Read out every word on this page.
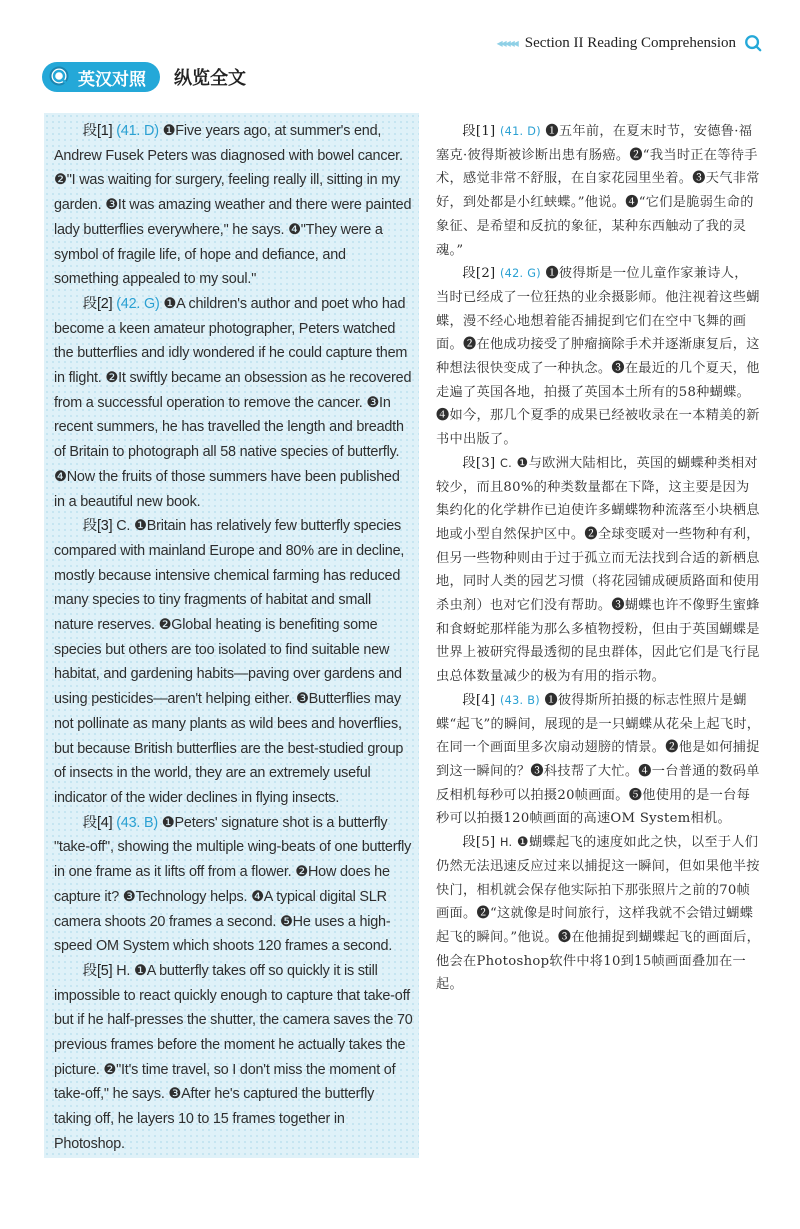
◂◂◂◂◂ Section II Reading Comprehension
英汉对照 纵览全文

段[1] (41. D) ❶Five years ago, at summer's end, Andrew Fusek Peters was diagnosed with bowel cancer. ❷"I was waiting for surgery, feeling really ill, sitting in my garden. ❸It was amazing weather and there were painted lady butterflies everywhere," he says. ❹"They were a symbol of fragile life, of hope and defiance, and something appealed to my soul."

段[2] (42. G) ❶A children's author and poet who had become a keen amateur photographer, Peters watched the butterflies and idly wondered if he could capture them in flight. ❷It swiftly became an obsession as he recovered from a successful operation to remove the cancer. ❸In recent summers, he has travelled the length and breadth of Britain to photograph all 58 native species of butterfly. ❹Now the fruits of those summers have been published in a beautiful new book.

段[3] C. ❶Britain has relatively few butterfly species compared with mainland Europe and 80% are in decline, mostly because intensive chemical farming has reduced many species to tiny fragments of habitat and small nature reserves. ❷Global heating is benefiting some species but others are too isolated to find suitable new habitat, and gardening habits—paving over gardens and using pesticides—aren't helping either. ❸Butterflies may not pollinate as many plants as wild bees and hoverflies, but because British butterflies are the best-studied group of insects in the world, they are an extremely useful indicator of the wider declines in flying insects.

段[4] (43. B) ❶Peters' signature shot is a butterfly "take-off", showing the multiple wing-beats of one butterfly in one frame as it lifts off from a flower. ❷How does he capture it? ❸Technology helps. ❹A typical digital SLR camera shoots 20 frames a second. ❺He uses a high-speed OM System which shoots 120 frames a second.

段[5] H. ❶A butterfly takes off so quickly it is still impossible to react quickly enough to capture that take-off but if he half-presses the shutter, the camera saves the 70 previous frames before the moment he actually takes the picture. ❷"It's time travel, so I don't miss the moment of take-off," he says. ❸After he's captured the butterfly taking off, he layers 10 to 15 frames together in Photoshop.

段[1] (41. D) ❶五年前，在夏末时节，安德鲁·福塞克·彼得斯被诊断出患有肠癌。❷“我当时正在等待手术，感觉非常不舒服，在自家花园里坐着。❸天气非常好，到处都是小红蛱蝶。”他说。❹“它们是脆弱生命的象征、是希望和反抗的象征，某种东西触动了我的灵魂。”

段[2] (42. G) ❶彼得斯是一位儿童作家兼诗人，当时已经成了一位狂热的业余摄影师。他注视着这些蝴蝶，漫不经心地想着能否捕捉到它们在空中飞舞的画面。❷在他成功接受了肿瘤摘除手术并逐渐康复后，这种想法很快变成了一种执念。❸在最近的几个夏天，他走遍了英国各地，拍摄了英国本土所有的58种蝴蝶。❹如今，那几个夏季的成果已经被收录在一本精美的新书中出版了。

段[3] C. ❶与欧洲大陆相比，英国的蝴蝶种类相对较少，而且80%的种类数量都在下降，这主要是因为集约化的化学耕作已迫使许多蝴蝶物种流落至小块栖息地或小型自然保护区中。❷全球变暖对一些物种有利，但另一些物种则由于过于孤立而无法找到合适的新栖息地，同时人类的园艺习惯（将花园铺成硬质路面和使用杀虫剂）也对它们没有帮助。❸蝴蝶也许不像野生蜜蜂和食蚜蛇那样能为那么多植物授粉，但由于英国蝴蝶是世界上被研究得最透彻的昆虫群体，因此它们是飞行昆虫总体数量减少的极为有用的指示物。

段[4] (43. B) ❶彼得斯所拍摄的标志性照片是蝴蝶“起飞”的瞬间，展现的是一只蝴蝶从花朵上起飞时，在同一个画面里多次扇动翅膀的情景。❷他是如何捕捉到这一瞬间的？❸科技帮了大忙。❹一台普通的数码单反相机每秒可以拍摄20帧画面。❺他使用的是一台每秒可以拍摄120帧画面的高速OM System相机。

段[5] H. ❶蝴蝶起飞的速度如此之快，以至于人们仍然无法迅速反应过来以捕捉这一瞬间，但如果他半按快门，相机就会保存他实际拍下那张照片之前的70帧画面。❷“这就像是时间旅行，这样我就不会错过蝴蝶起飞的瞬间。”他说。❸在他捕捉到蝴蝶起飞的画面后，他会在Photoshop软件中将10到15帧画面叠加在一起。
